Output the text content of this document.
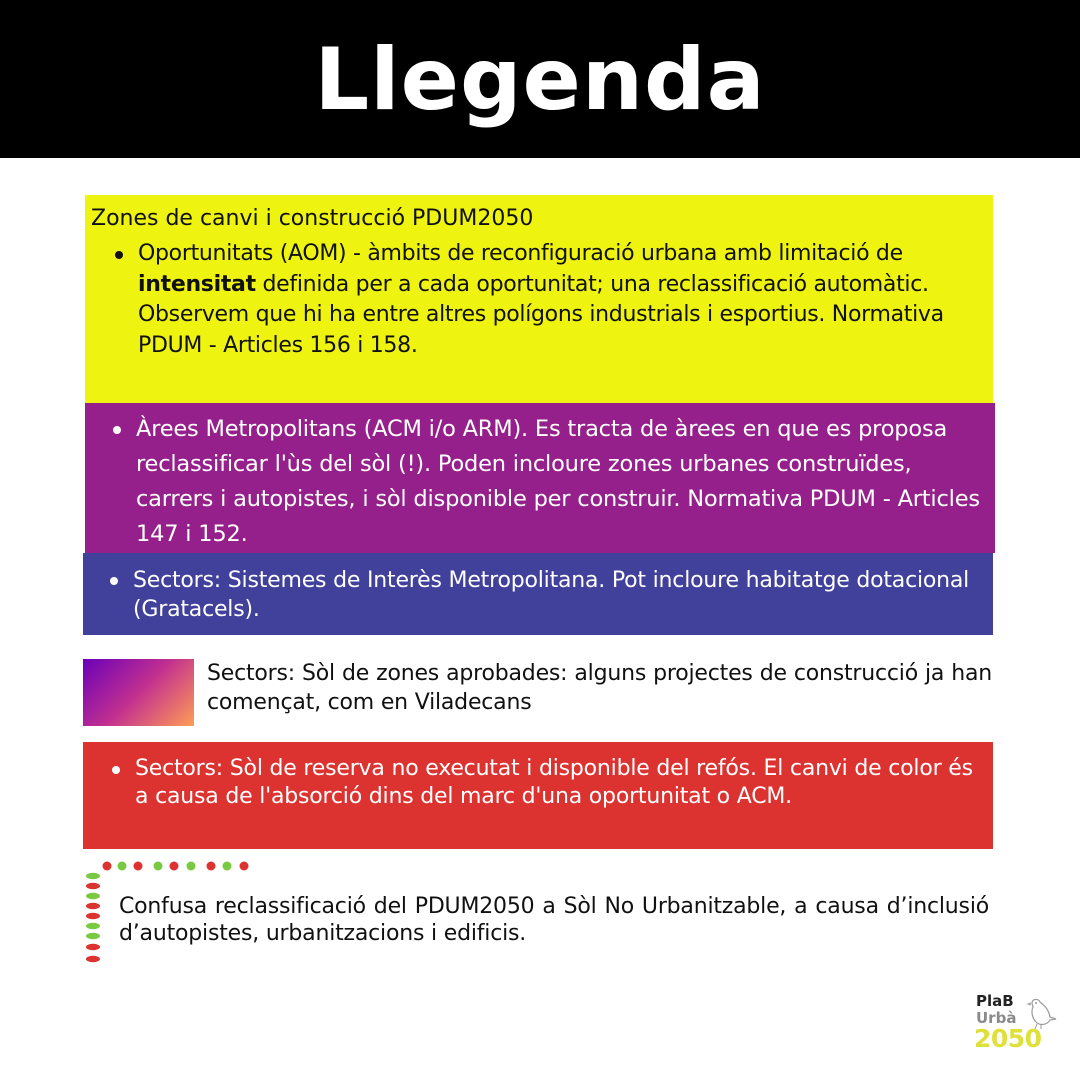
Llegenda
Zones de canvi i construcció PDUM2050
Oportunitats (AOM) - àmbits de reconfiguració urbana amb limitació de intensitat definida per a cada oportunitat; una reclassificació automàtic. Observem que hi ha entre altres polígons industrials i esportius. Normativa PDUM - Articles 156 i 158.
Àrees Metropolitans (ACM i/o ARM). Es tracta de àrees en que es proposa reclassificar l'ùs del sòl (!). Poden incloure zones urbanes construïdes, carrers i autopistes, i sòl disponible per construir. Normativa PDUM - Articles 147 i 152.
Sectors: Sistemes de Interès Metropolitana. Pot incloure habitatge dotacional (Gratacels).
Sectors: Sòl de zones aprobades: alguns projectes de construcció ja han començat, com en Viladecans
Sectors: Sòl de reserva no executat i disponible del refós. El canvi de color és a causa de l'absorció dins del marc d'una oportunitat o ACM.
Confusa reclassificació del PDUM2050 a Sòl No Urbanitzable, a causa d’inclusió d’autopistes, urbanitzacions i edificis.
PlaB
Urbà
2050
